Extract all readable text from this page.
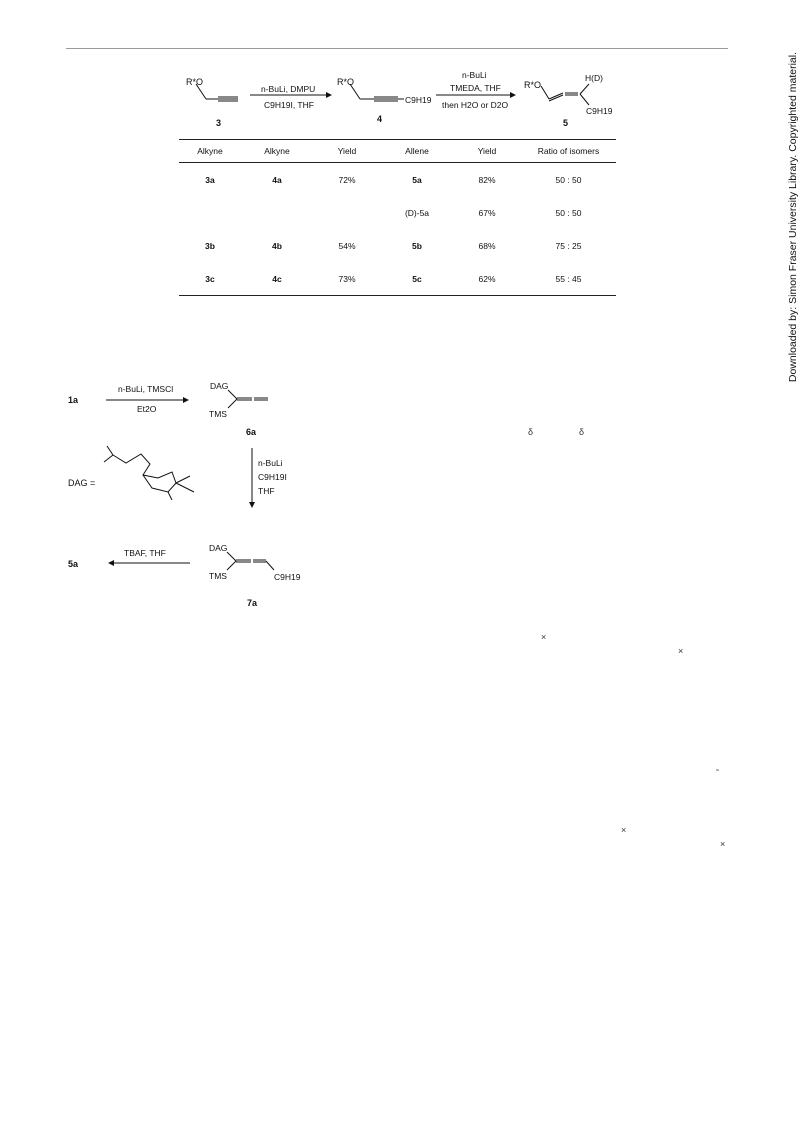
R*O
n-BuLi, DMPU
C9H19I, THF
3
R*O
C9H19
4
n-BuLi
TMEDA, THF
then H2O or D2O
R*O
H(D)
C9H19
5
Alkyne	Alkyne	Yield	Allene	Yield	Ratio of isomers
3a	4a	72%	5a	82%	50 : 50
			(D)-5a	67%	50 : 50
3b	4b	54%	5b	68%	75 : 25
3c	4c	73%	5c	62%	55 : 45
1a
n-BuLi, TMSCl
Et2O
DAG
TMS
6a
DAG =
n-BuLi
C9H19I
THF
TBAF, THF
5a
DAG
TMS	C9H19
7a
δ	δ
×
×
˜
×
×
Downloaded by: Simon Fraser University Library. Copyrighted material.
